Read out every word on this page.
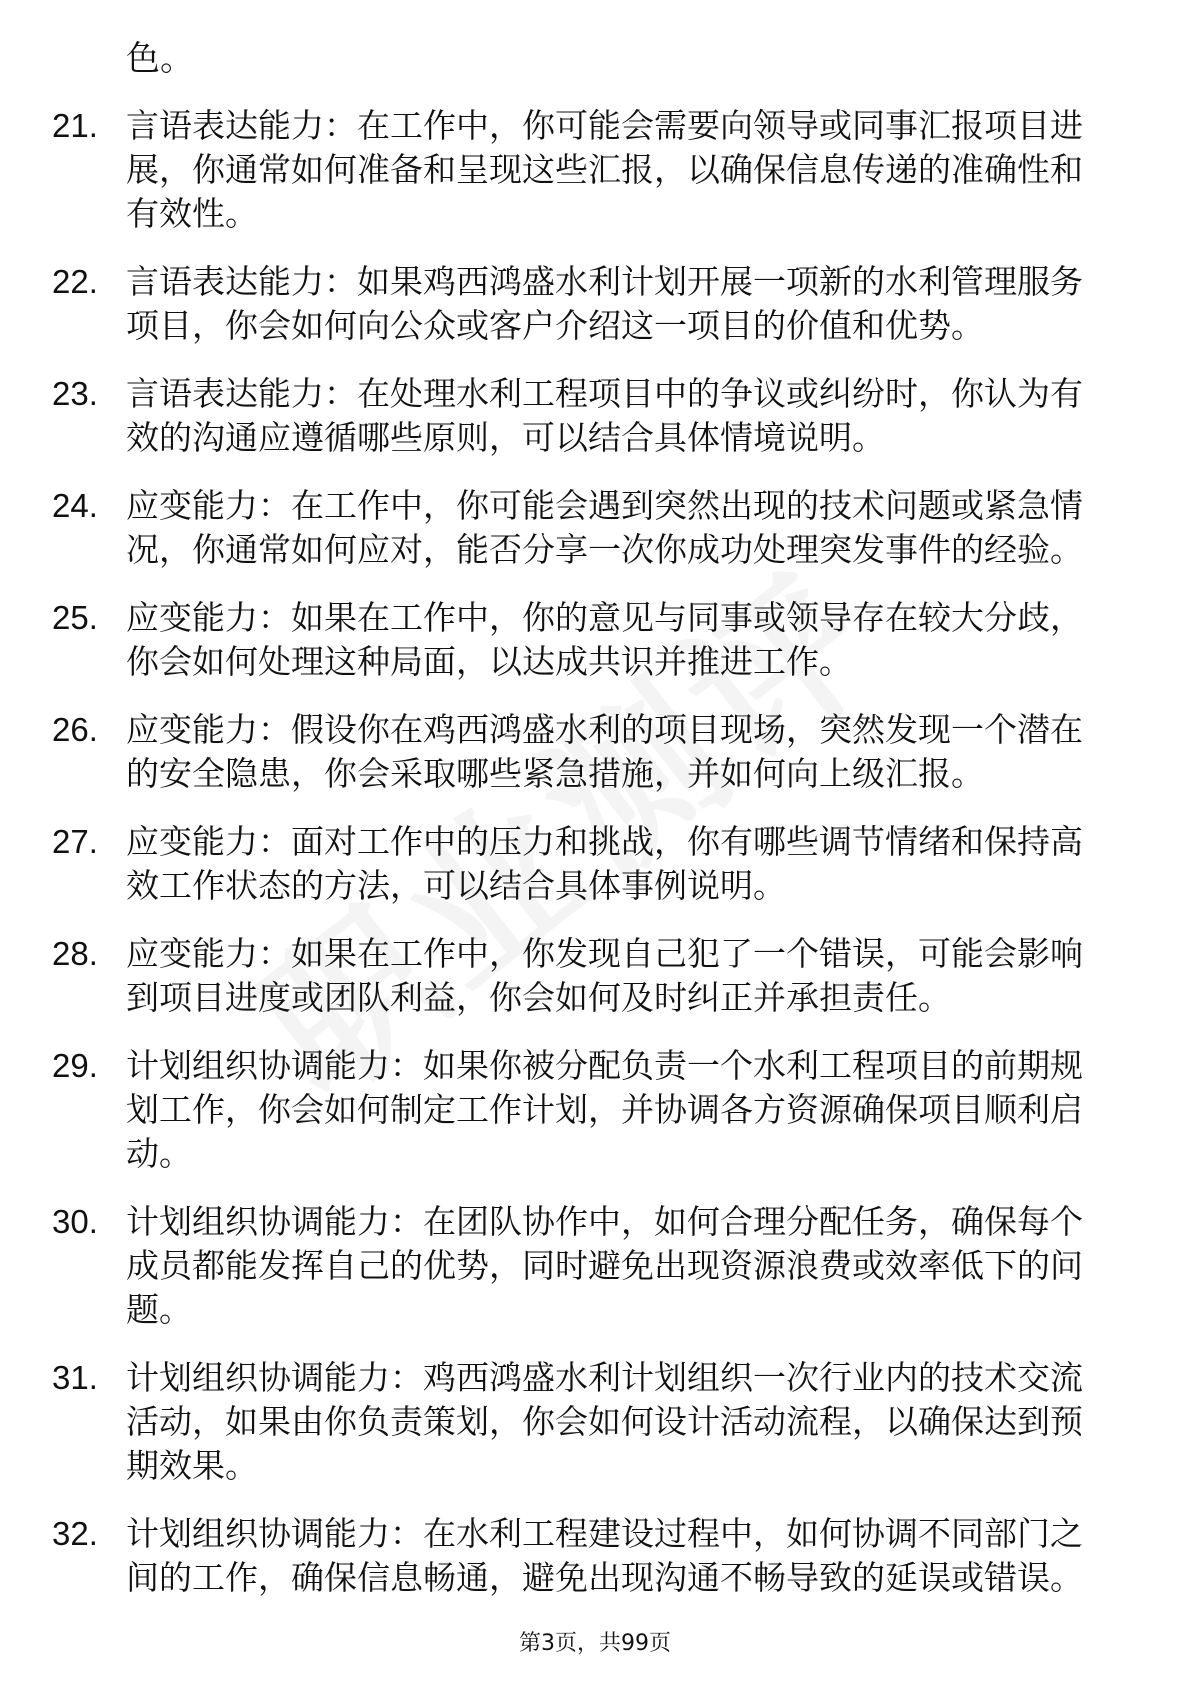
色。
21. 言语表达能力：在工作中，你可能会需要向领导或同事汇报项目进展，你通常如何准备和呈现这些汇报，以确保信息传递的准确性和有效性。
22. 言语表达能力：如果鸡西鸿盛水利计划开展一项新的水利管理服务项目，你会如何向公众或客户介绍这一项目的价值和优势。
23. 言语表达能力：在处理水利工程项目中的争议或纠纷时，你认为有效的沟通应遵循哪些原则，可以结合具体情境说明。
24. 应变能力：在工作中，你可能会遇到突然出现的技术问题或紧急情况，你通常如何应对，能否分享一次你成功处理突发事件的经验。
25. 应变能力：如果在工作中，你的意见与同事或领导存在较大分歧，你会如何处理这种局面，以达成共识并推进工作。
26. 应变能力：假设你在鸡西鸿盛水利的项目现场，突然发现一个潜在的安全隐患，你会采取哪些紧急措施，并如何向上级汇报。
27. 应变能力：面对工作中的压力和挑战，你有哪些调节情绪和保持高效工作状态的方法，可以结合具体事例说明。
28. 应变能力：如果在工作中，你发现自己犯了一个错误，可能会影响到项目进度或团队利益，你会如何及时纠正并承担责任。
29. 计划组织协调能力：如果你被分配负责一个水利工程项目的前期规划工作，你会如何制定工作计划，并协调各方资源确保项目顺利启动。
30. 计划组织协调能力：在团队协作中，如何合理分配任务，确保每个成员都能发挥自己的优势，同时避免出现资源浪费或效率低下的问题。
31. 计划组织协调能力：鸡西鸿盛水利计划组织一次行业内的技术交流活动，如果由你负责策划，你会如何设计活动流程，以确保达到预期效果。
32. 计划组织协调能力：在水利工程建设过程中，如何协调不同部门之间的工作，确保信息畅通，避免出现沟通不畅导致的延误或错误。
第3页，共99页
